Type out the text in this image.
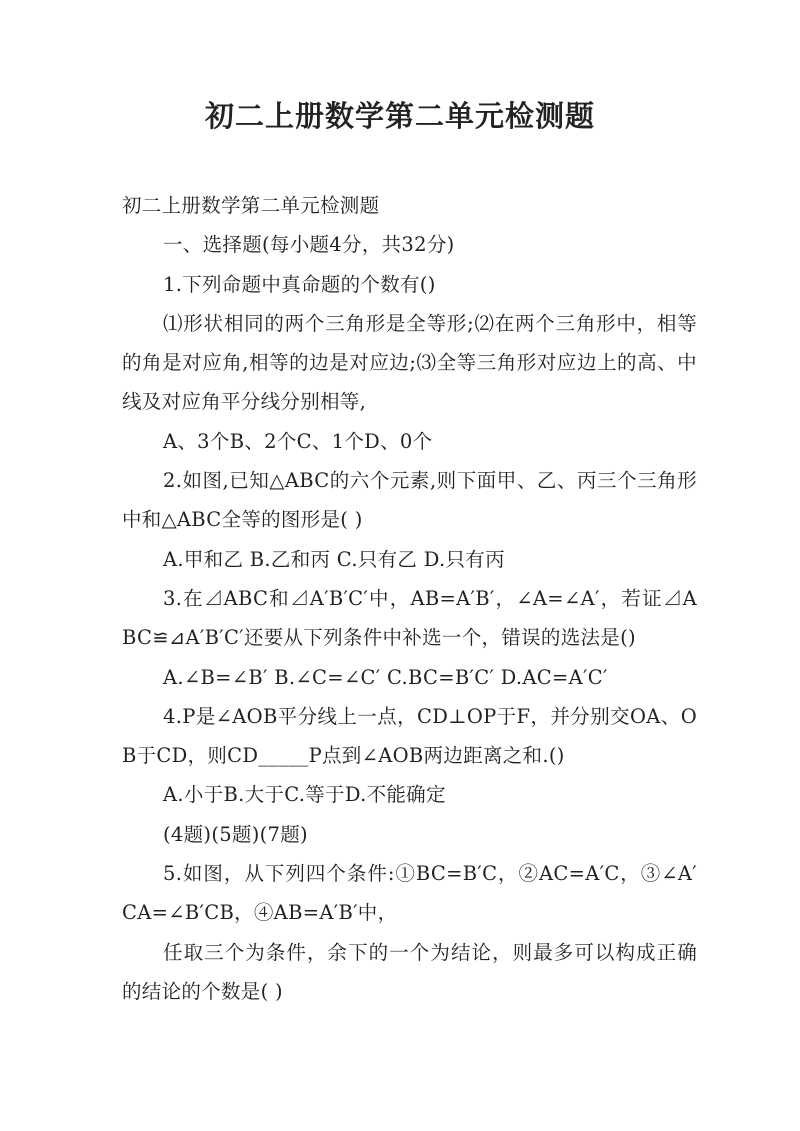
初二上册数学第二单元检测题

初二上册数学第二单元检测题

一、选择题(每小题4分，共32分)

1.下列命题中真命题的个数有()

⑴形状相同的两个三角形是全等形;⑵在两个三角形中，相等的角是对应角,相等的边是对应边;⑶全等三角形对应边上的高、中线及对应角平分线分别相等,

A、3个B、2个C、1个D、0个

2.如图,已知△ABC的六个元素,则下面甲、乙、丙三个三角形中和△ABC全等的图形是( )

A.甲和乙 B.乙和丙 C.只有乙 D.只有丙

3.在⊿ABC和⊿A′B′C′中，AB=A′B′，∠A=∠A′，若证⊿ABC≌⊿A′B′C′还要从下列条件中补选一个，错误的选法是()

A.∠B=∠B′ B.∠C=∠C′ C.BC=B′C′ D.AC=A′C′

4.P是∠AOB平分线上一点，CD⊥OP于F，并分别交OA、OB于CD，则CD_____P点到∠AOB两边距离之和.()

A.小于B.大于C.等于D.不能确定

(4题)(5题)(7题)

5.如图，从下列四个条件:①BC=B′C，②AC=A′C，③∠A′CA=∠B′CB，④AB=A′B′中，

任取三个为条件，余下的一个为结论，则最多可以构成正确的结论的个数是( )
